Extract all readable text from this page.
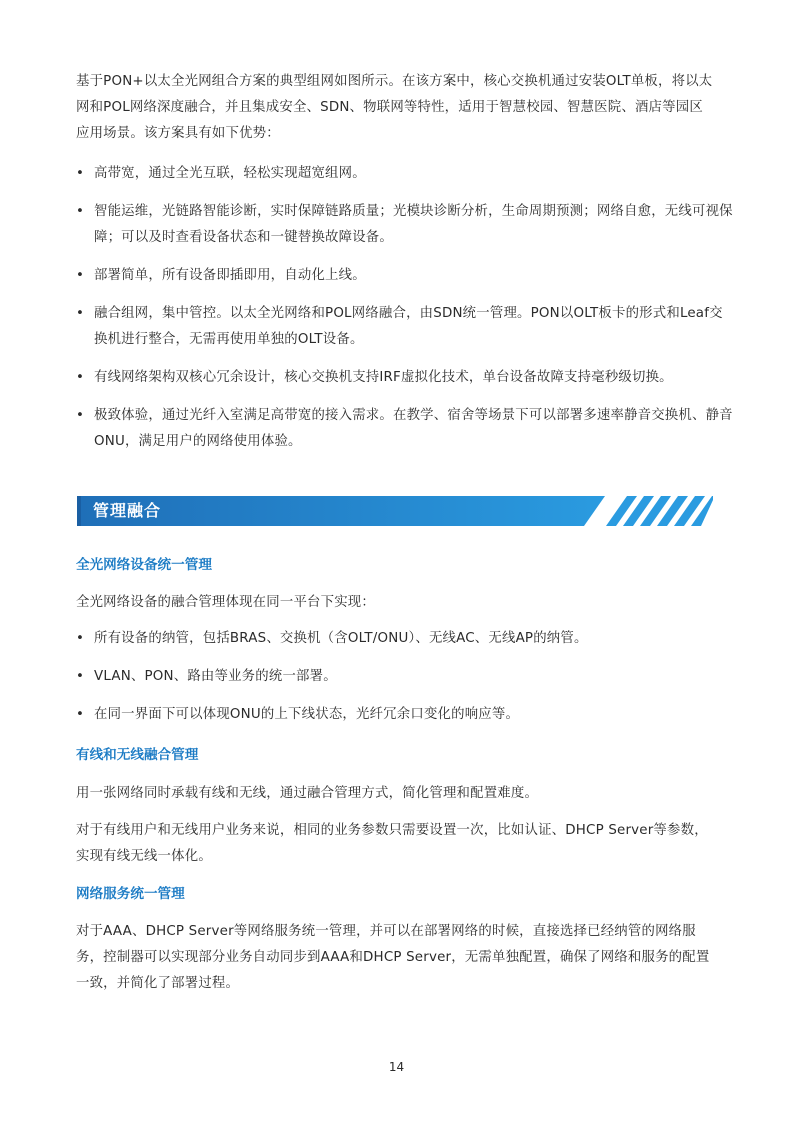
基于PON+以太全光网组合方案的典型组网如图所示。在该方案中，核心交换机通过安装OLT单板，将以太网和POL网络深度融合，并且集成安全、SDN、物联网等特性，适用于智慧校园、智慧医院、酒店等园区应用场景。该方案具有如下优势：

• 高带宽，通过全光互联，轻松实现超宽组网。
• 智能运维，光链路智能诊断，实时保障链路质量；光模块诊断分析，生命周期预测；网络自愈，无线可视保障；可以及时查看设备状态和一键替换故障设备。
• 部署简单，所有设备即插即用，自动化上线。
• 融合组网，集中管控。以太全光网络和POL网络融合，由SDN统一管理。PON以OLT板卡的形式和Leaf交换机进行整合，无需再使用单独的OLT设备。
• 有线网络架构双核心冗余设计，核心交换机支持IRF虚拟化技术，单台设备故障支持毫秒级切换。
• 极致体验，通过光纤入室满足高带宽的接入需求。在教学、宿舍等场景下可以部署多速率静音交换机、静音ONU，满足用户的网络使用体验。
管理融合
全光网络设备统一管理

全光网络设备的融合管理体现在同一平台下实现：

• 所有设备的纳管，包括BRAS、交换机（含OLT/ONU）、无线AC、无线AP的纳管。
• VLAN、PON、路由等业务的统一部署。
• 在同一界面下可以体现ONU的上下线状态，光纤冗余口变化的响应等。
有线和无线融合管理

用一张网络同时承载有线和无线，通过融合管理方式，简化管理和配置难度。

对于有线用户和无线用户业务来说，相同的业务参数只需要设置一次，比如认证、DHCP Server等参数，实现有线无线一体化。

网络服务统一管理

对于AAA、DHCP Server等网络服务统一管理，并可以在部署网络的时候，直接选择已经纳管的网络服务，控制器可以实现部分业务自动同步到AAA和DHCP Server，无需单独配置，确保了网络和服务的配置一致，并简化了部署过程。

14
